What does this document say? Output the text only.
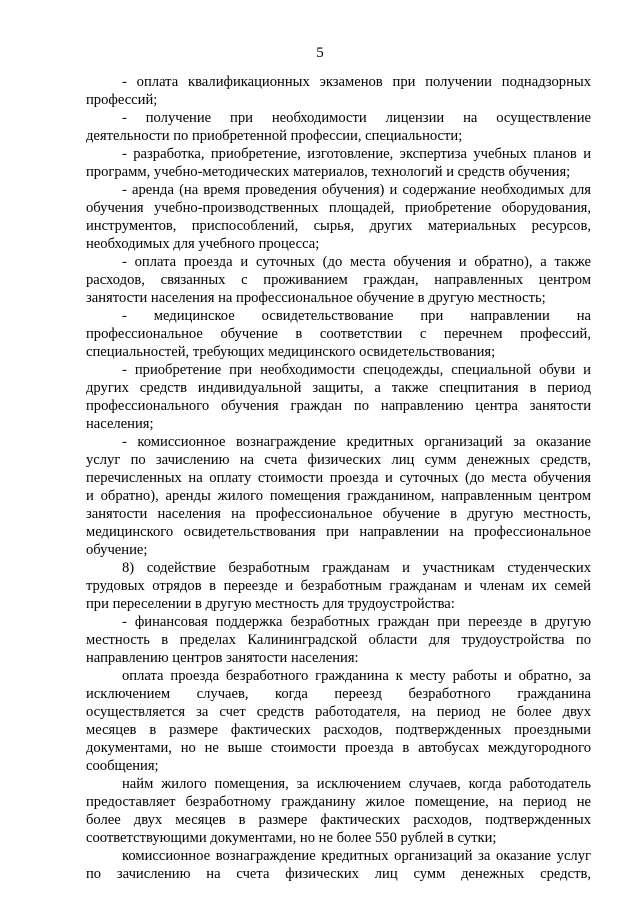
5
- оплата квалификационных экзаменов при получении поднадзорных
профессий;
- получение при необходимости лицензии на осуществление
деятельности по приобретенной профессии, специальности;
- разработка, приобретение, изготовление, экспертиза учебных планов и
программ, учебно-методических материалов, технологий и средств обучения;
- аренда (на время проведения обучения) и содержание необходимых для
обучения учебно-производственных площадей, приобретение оборудования,
инструментов, приспособлений, сырья, других материальных ресурсов,
необходимых для учебного процесса;
- оплата проезда и суточных (до места обучения и обратно), а также
расходов, связанных с проживанием граждан, направленных центром
занятости населения на профессиональное обучение в другую местность;
- медицинское освидетельствование при направлении на
профессиональное обучение в соответствии с перечнем профессий,
специальностей, требующих медицинского освидетельствования;
- приобретение при необходимости спецодежды, специальной обуви и
других средств индивидуальной защиты, а также спецпитания в период
профессионального обучения граждан по направлению центра занятости
населения;
- комиссионное вознаграждение кредитных организаций за оказание
услуг по зачислению на счета физических лиц сумм денежных средств,
перечисленных на оплату стоимости проезда и суточных (до места обучения
и обратно), аренды жилого помещения гражданином, направленным центром
занятости населения на профессиональное обучение в другую местность,
медицинского освидетельствования при направлении на профессиональное
обучение;
8) содействие безработным гражданам и участникам студенческих
трудовых отрядов в переезде и безработным гражданам и членам их семей
при переселении в другую местность для трудоустройства:
- финансовая поддержка безработных граждан при переезде в другую
местность в пределах Калининградской области для трудоустройства по
направлению центров занятости населения:
оплата проезда безработного гражданина к месту работы и обратно, за
исключением случаев, когда переезд безработного гражданина
осуществляется за счет средств работодателя, на период не более двух
месяцев в размере фактических расходов, подтвержденных проездными
документами, но не выше стоимости проезда в автобусах междугородного
сообщения;
найм жилого помещения, за исключением случаев, когда работодатель
предоставляет безработному гражданину жилое помещение, на период не
более двух месяцев в размере фактических расходов, подтвержденных
соответствующими документами, но не более 550 рублей в сутки;
комиссионное вознаграждение кредитных организаций за оказание услуг
по зачислению на счета физических лиц сумм денежных средств,
